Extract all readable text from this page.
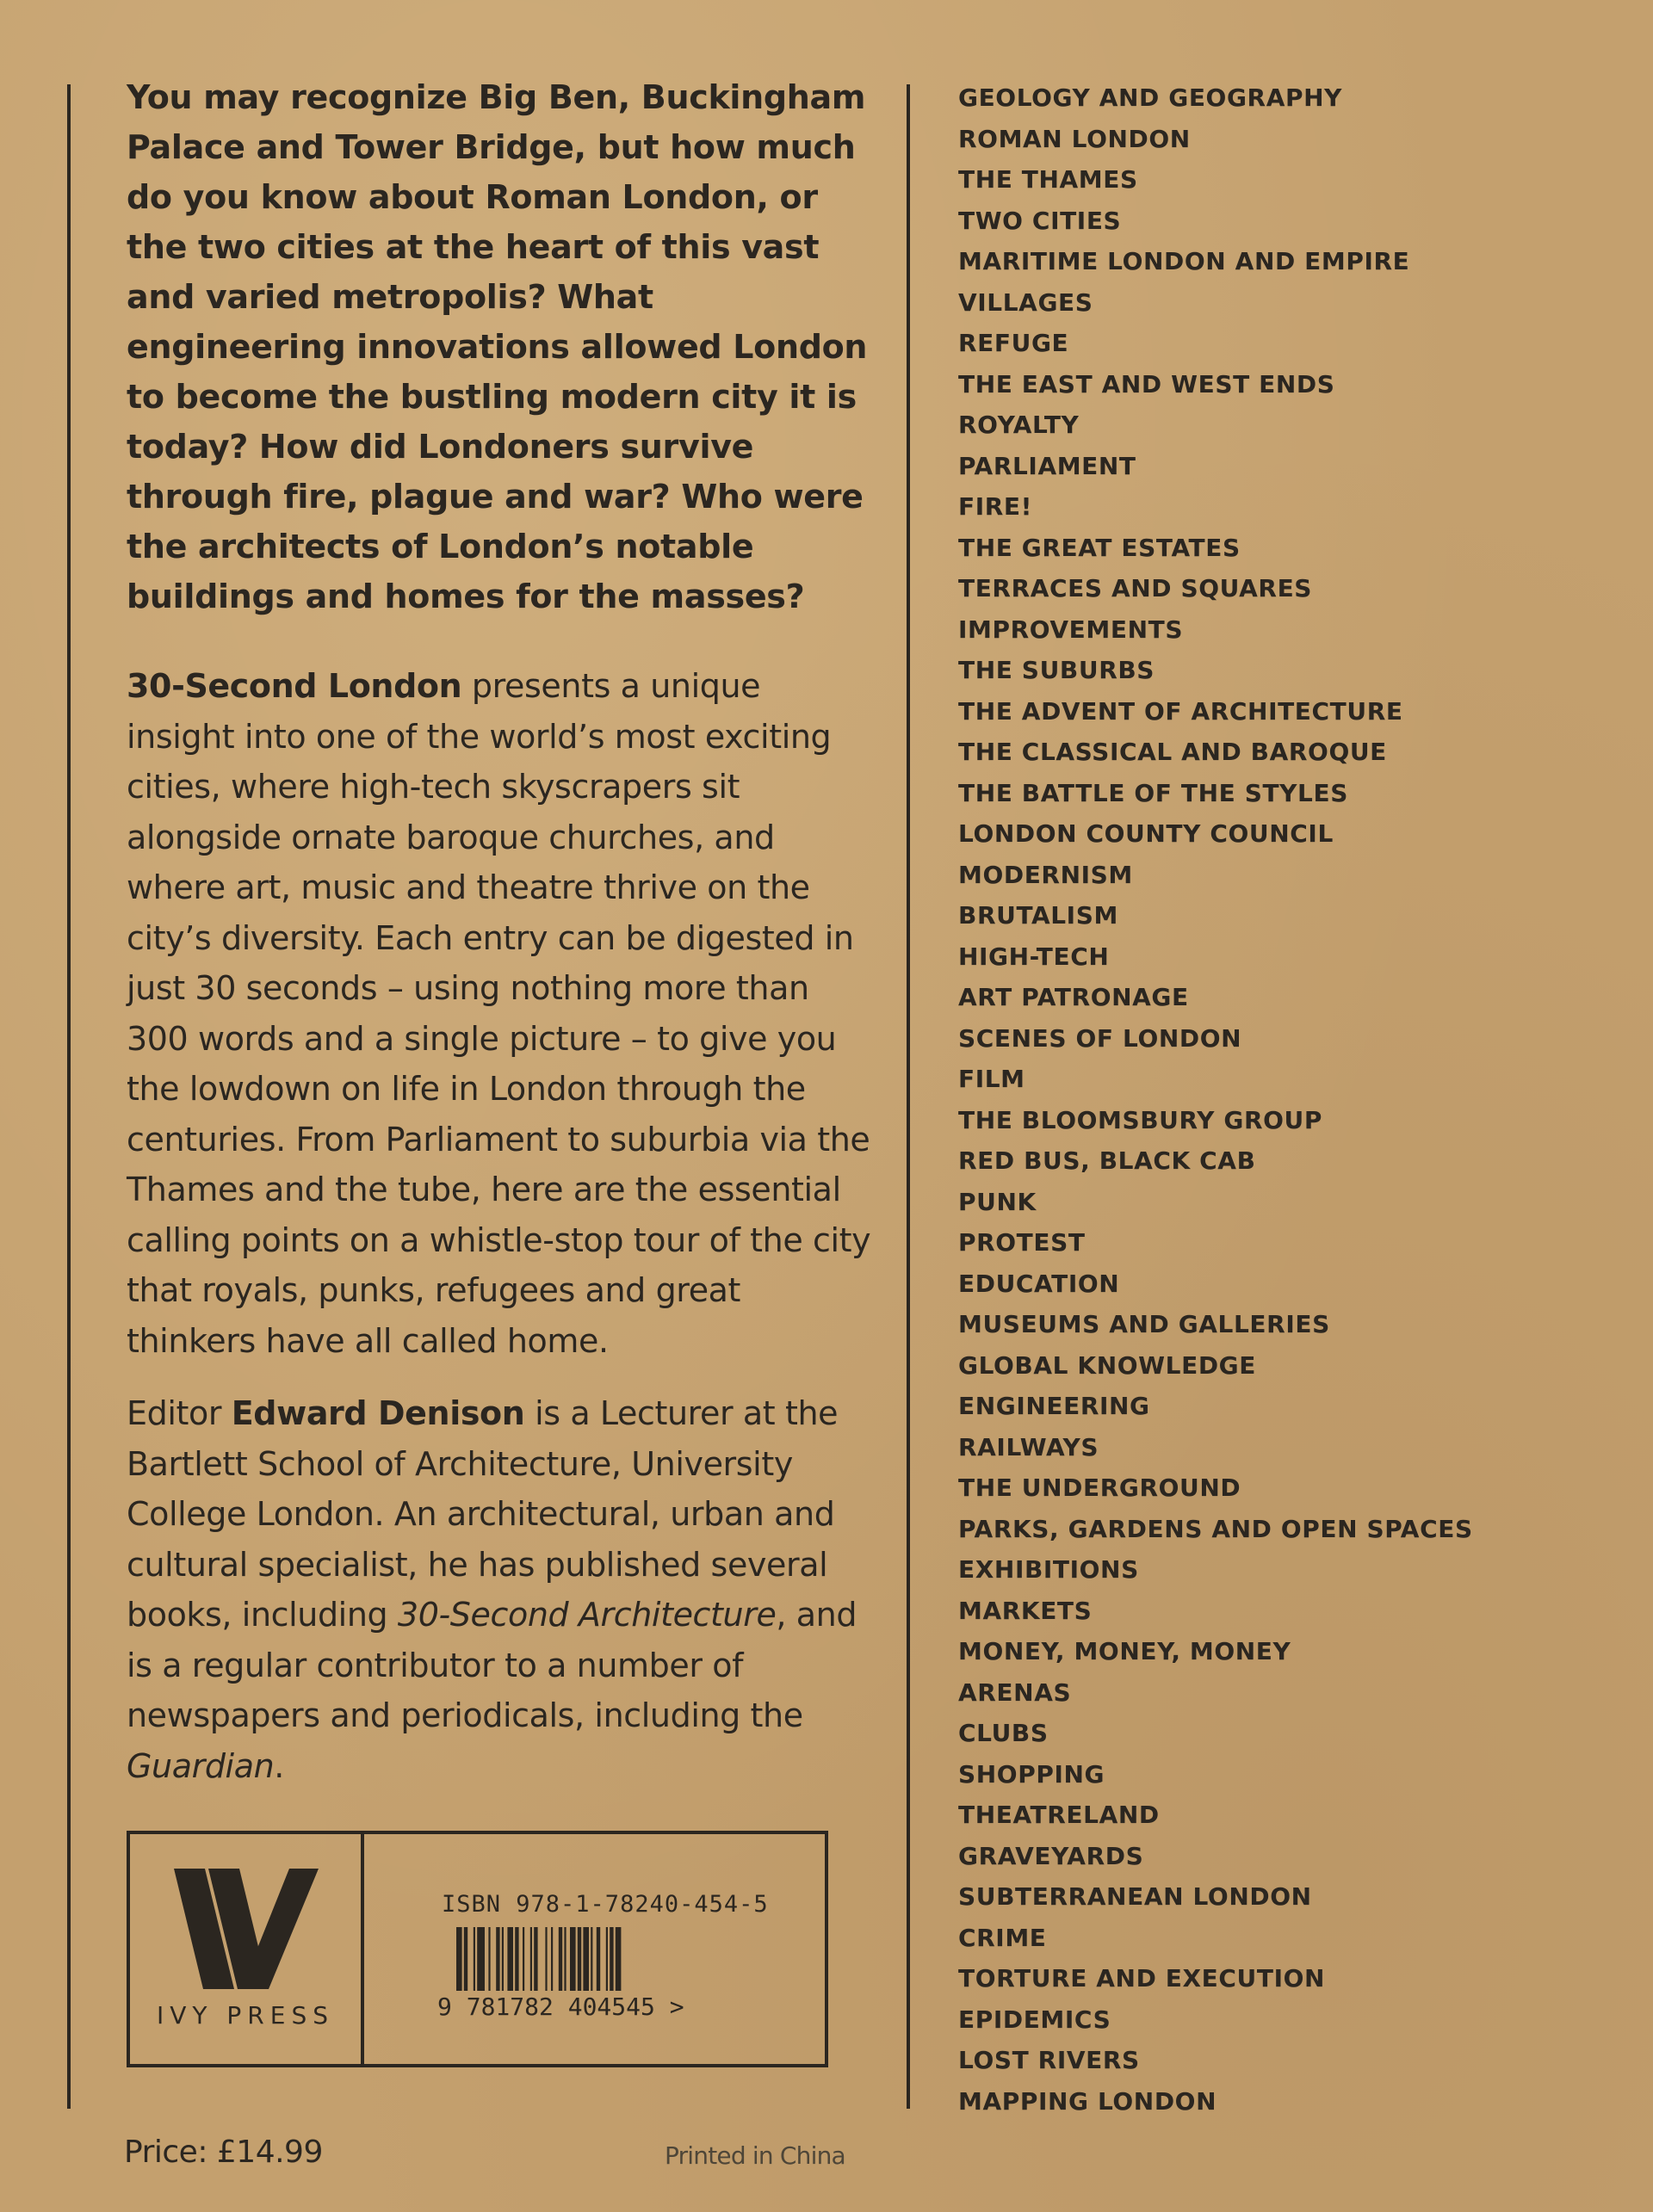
You may recognize Big Ben, Buckingham Palace and Tower Bridge, but how much do you know about Roman London, or the two cities at the heart of this vast and varied metropolis? What engineering innovations allowed London to become the bustling modern city it is today? How did Londoners survive through fire, plague and war? Who were the architects of London’s notable buildings and homes for the masses?

30-Second London presents a unique insight into one of the world’s most exciting cities, where high-tech skyscrapers sit alongside ornate baroque churches, and where art, music and theatre thrive on the city’s diversity. Each entry can be digested in just 30 seconds – using nothing more than 300 words and a single picture – to give you the lowdown on life in London through the centuries. From Parliament to suburbia via the Thames and the tube, here are the essential calling points on a whistle-stop tour of the city that royals, punks, refugees and great thinkers have all called home.

Editor Edward Denison is a Lecturer at the Bartlett School of Architecture, University College London. An architectural, urban and cultural specialist, he has published several books, including 30-Second Architecture, and is a regular contributor to a number of newspapers and periodicals, including the Guardian.

GEOLOGY AND GEOGRAPHY
ROMAN LONDON
THE THAMES
TWO CITIES
MARITIME LONDON AND EMPIRE
VILLAGES
REFUGE
THE EAST AND WEST ENDS
ROYALTY
PARLIAMENT
FIRE!
THE GREAT ESTATES
TERRACES AND SQUARES
IMPROVEMENTS
THE SUBURBS
THE ADVENT OF ARCHITECTURE
THE CLASSICAL AND BAROQUE
THE BATTLE OF THE STYLES
LONDON COUNTY COUNCIL
MODERNISM
BRUTALISM
HIGH-TECH
ART PATRONAGE
SCENES OF LONDON
FILM
THE BLOOMSBURY GROUP
RED BUS, BLACK CAB
PUNK
PROTEST
EDUCATION
MUSEUMS AND GALLERIES
GLOBAL KNOWLEDGE
ENGINEERING
RAILWAYS
THE UNDERGROUND
PARKS, GARDENS AND OPEN SPACES
EXHIBITIONS
MARKETS
MONEY, MONEY, MONEY
ARENAS
CLUBS
SHOPPING
THEATRELAND
GRAVEYARDS
SUBTERRANEAN LONDON
CRIME
TORTURE AND EXECUTION
EPIDEMICS
LOST RIVERS
MAPPING LONDON
IVY PRESS
ISBN 978-1-78240-454-5
9 781782 404545 >
Price: £14.99	Printed in China
